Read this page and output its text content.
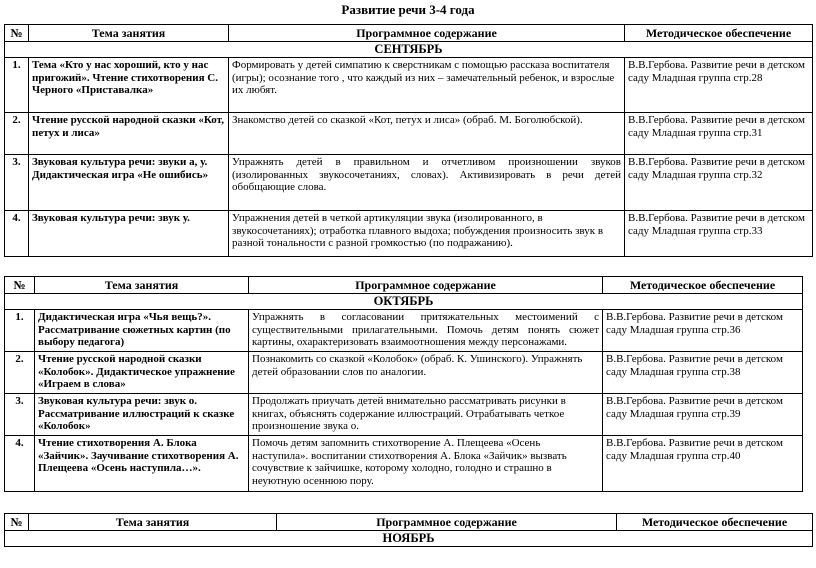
Развитие речи 3-4 года
№	Тема занятия	Программное содержание	Методическое обеспечение
СЕНТЯБРЬ			
1.	Тема «Кто у нас хороший, кто у нас пригожий». Чтение стихотворения С. Черного «Приставалка»	Формировать у детей симпатию к сверстникам с помощью рассказа воспитателя (игры); осознание того , что каждый из них – замечательный ребенок, и взрослые их любят.	В.В.Гербова. Развитие речи в детском саду Младшая группа стр.28
2.	Чтение русской народной сказки «Кот, петух и лиса»	Знакомство детей со сказкой «Кот, петух и лиса» (обраб. М. Боголюбской).	В.В.Гербова. Развитие речи в детском саду Младшая группа стр.31
3.	Звуковая культура речи: звуки а, у. Дидактическая игра «Не ошибись»	Упражнять детей в правильном и отчетливом произношении звуков (изолированных звукосочетаниях, словах). Активизировать в речи детей обобщающие слова.	В.В.Гербова. Развитие речи в детском саду Младшая группа стр.32
4.	Звуковая культура речи: звук у.	Упражнения детей в четкой артикуляции звука (изолированного, в звукосочетаниях); отработка плавного выдоха; побуждения произносить звук в разной тональности с разной громкостью (по подражанию).	В.В.Гербова. Развитие речи в детском саду Младшая группа стр.33
№	Тема занятия	Программное содержание	Методическое обеспечение
ОКТЯБРЬ			
1.	Дидактическая игра «Чья вещь?». Рассматривание сюжетных картин (по выбору педагога)	Упражнять в согласовании притяжательных местоимений с существительными прилагательными. Помочь детям понять сюжет картины, охарактеризовать взаимоотношения между персонажами.	В.В.Гербова. Развитие речи в детском саду Младшая группа стр.36
2.	Чтение русской народной сказки «Колобок». Дидактическое упражнение «Играем в слова»	Познакомить со сказкой «Колобок» (обраб. К. Ушинского). Упражнять детей образовании слов по аналогии.	В.В.Гербова. Развитие речи в детском саду Младшая группа стр.38
3.	Звуковая культура речи: звук о. Рассматривание иллюстраций к сказке «Колобок»	Продолжать приучать детей внимательно рассматривать рисунки в книгах, объяснять содержание иллюстраций. Отрабатывать четкое произношение звука о.	В.В.Гербова. Развитие речи в детском саду Младшая группа стр.39
4.	Чтение стихотворения А. Блока «Зайчик». Заучивание стихотворения А. Плещеева «Осень наступила…».	Помочь детям запомнить стихотворение А. Плещеева «Осень наступила». воспитании стихотворения А. Блока «Зайчик» вызвать сочувствие к зайчишке, которому холодно, голодно и страшно в неуютную осеннюю пору.	В.В.Гербова. Развитие речи в детском саду Младшая группа стр.40
№	Тема занятия	Программное содержание	Методическое обеспечение
НОЯБРЬ
